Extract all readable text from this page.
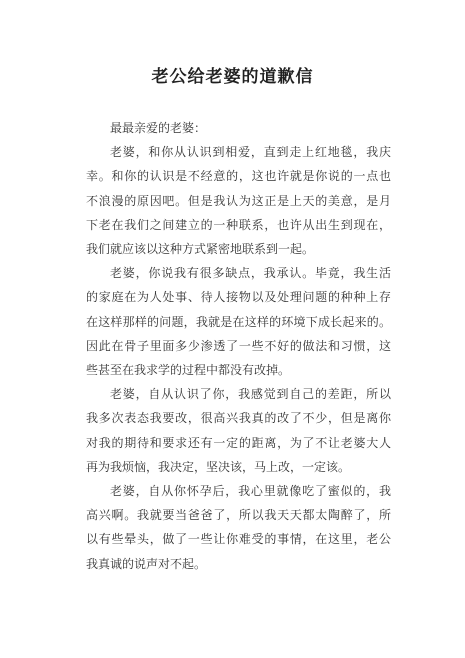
老公给老婆的道歉信

最最亲爱的老婆：

老婆，和你从认识到相爱，直到走上红地毯，我庆
幸。和你的认识是不经意的，这也许就是你说的一点也
不浪漫的原因吧。但是我认为这正是上天的美意，是月
下老在我们之间建立的一种联系，也许从出生到现在，
我们就应该以这种方式紧密地联系到一起。

老婆，你说我有很多缺点，我承认。毕竟，我生活
的家庭在为人处事、待人接物以及处理问题的种种上存
在这样那样的问题，我就是在这样的环境下成长起来的。
因此在骨子里面多少渗透了一些不好的做法和习惯，这
些甚至在我求学的过程中都没有改掉。

老婆，自从认识了你，我感觉到自己的差距，所以
我多次表态我要改，很高兴我真的改了不少，但是离你
对我的期待和要求还有一定的距离，为了不让老婆大人
再为我烦恼，我决定，坚决该，马上改，一定该。

老婆，自从你怀孕后，我心里就像吃了蜜似的，我
高兴啊。我就要当爸爸了，所以我天天都太陶醉了，所
以有些晕头，做了一些让你难受的事情，在这里，老公
我真诚的说声对不起。
